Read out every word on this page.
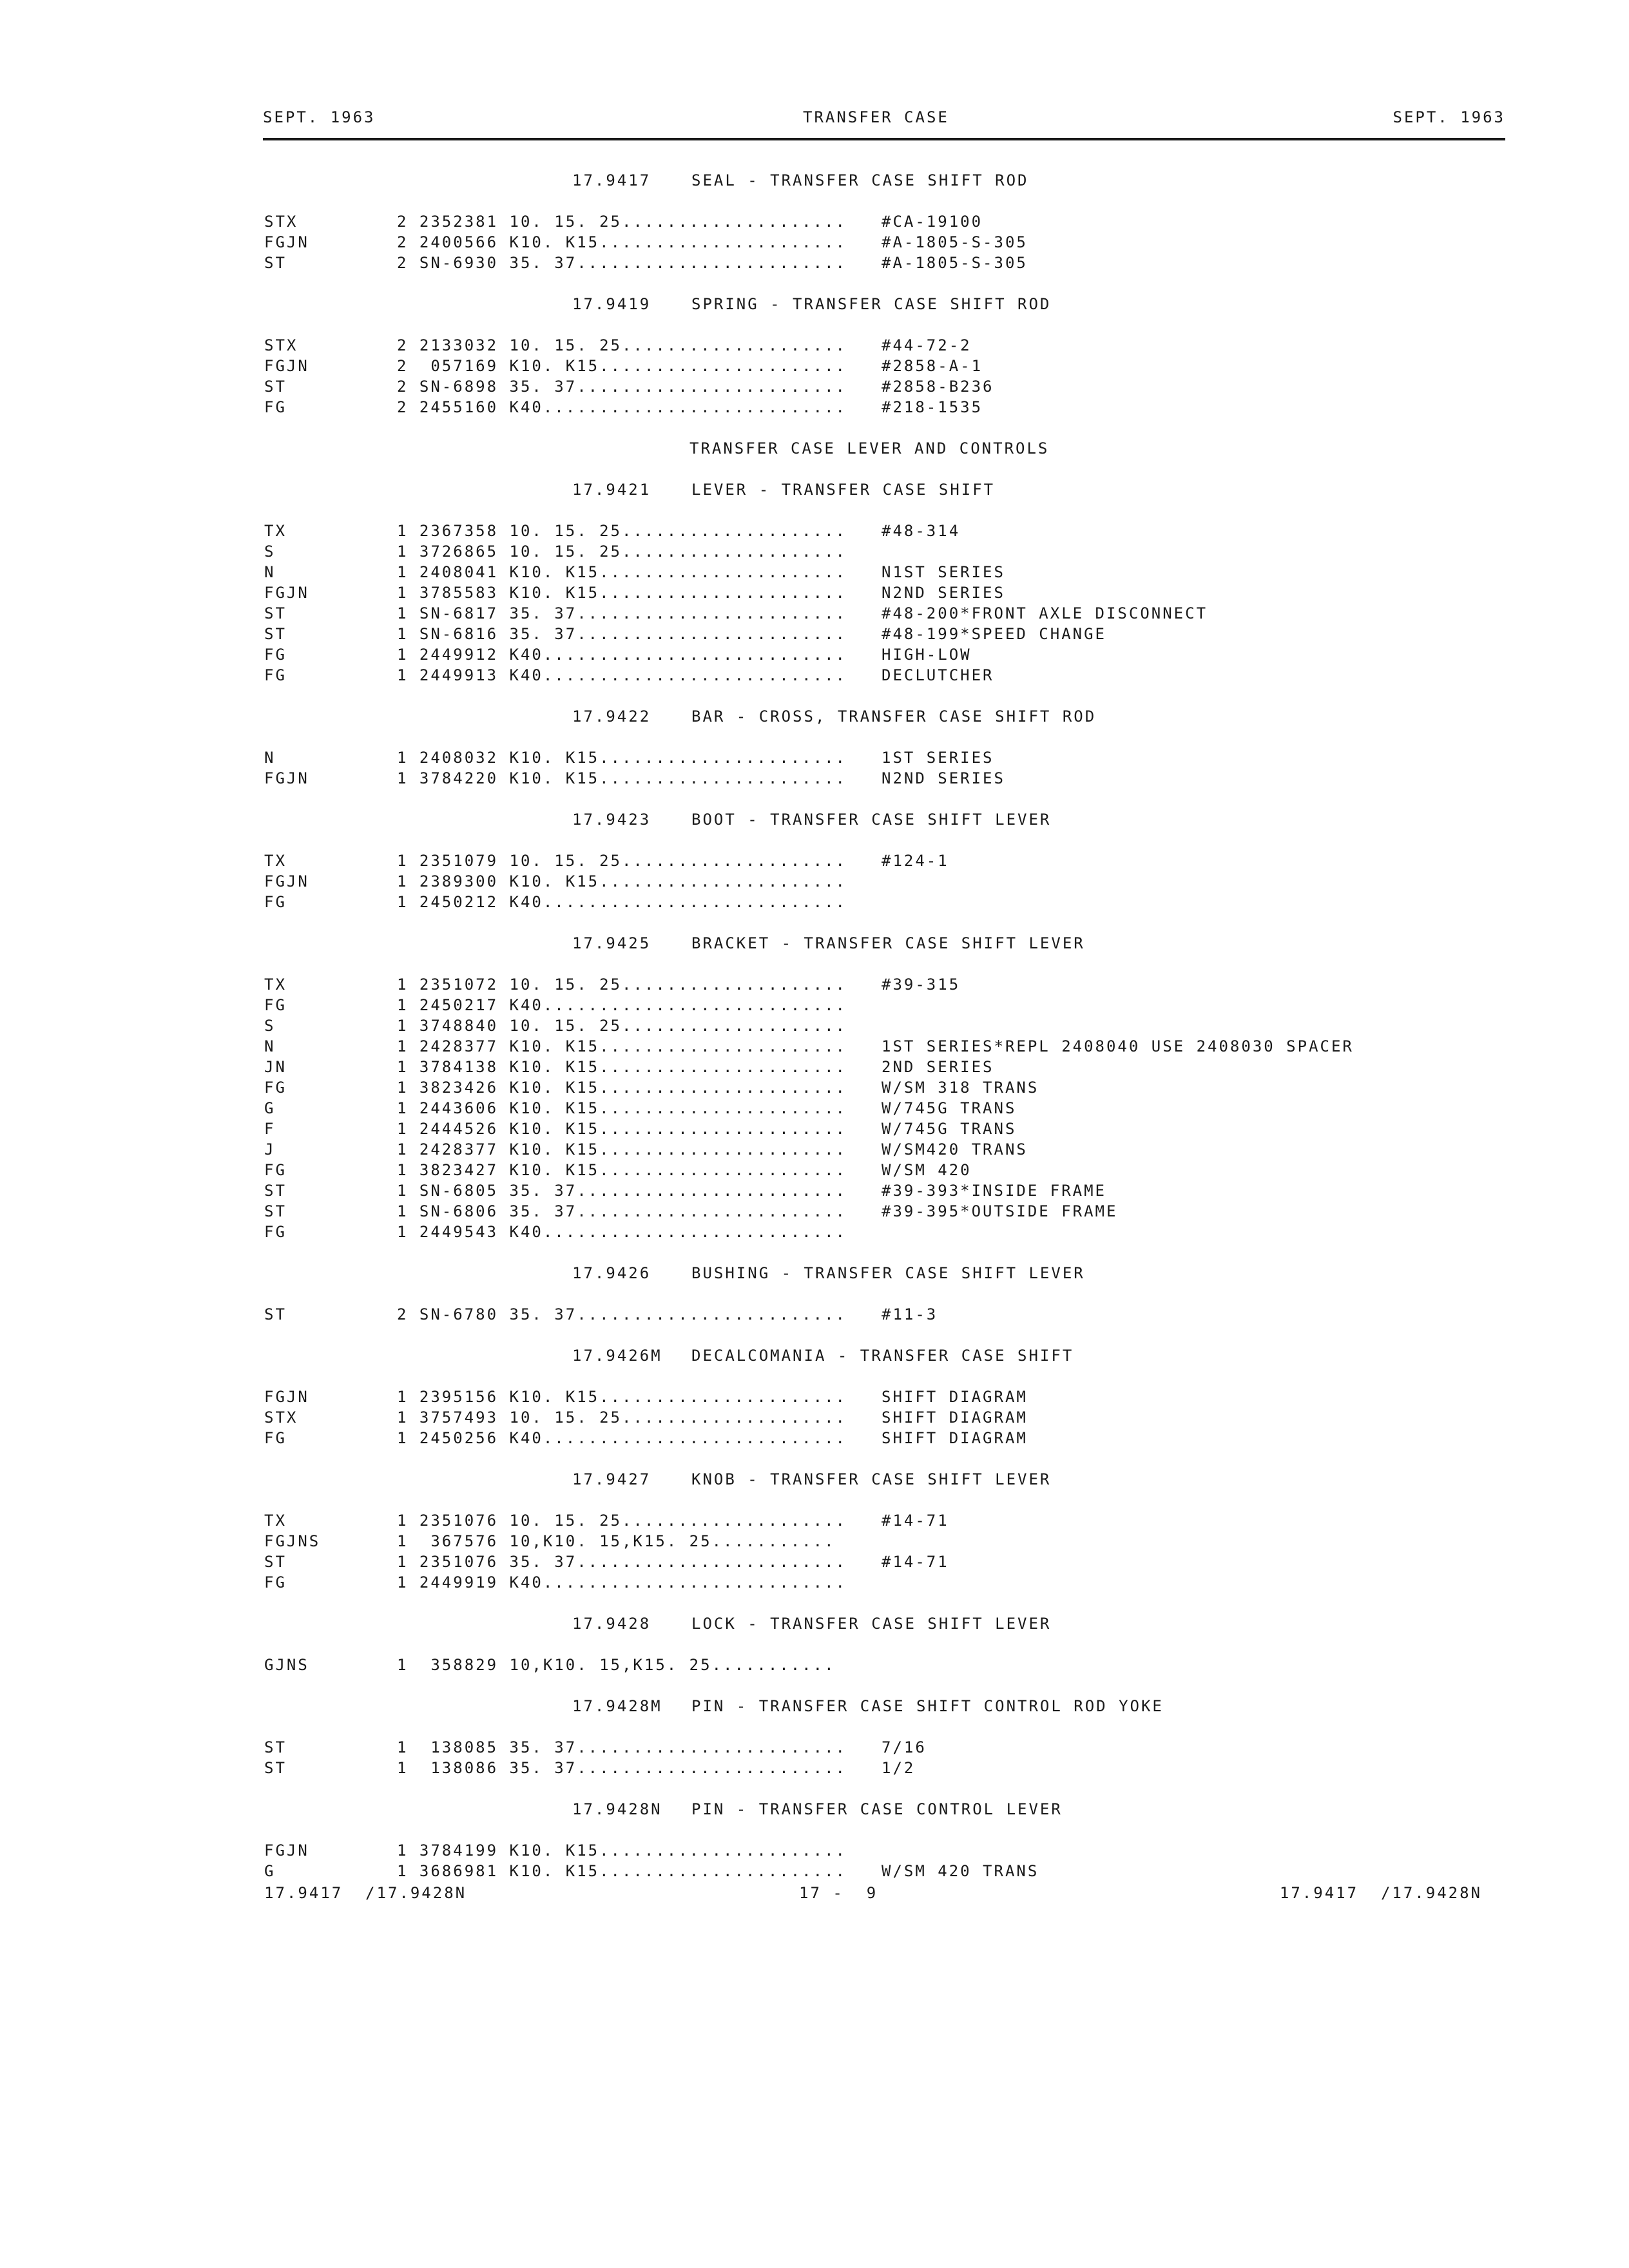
SEPT. 1963	TRANSFER CASE	SEPT. 1963
17.9417	SEAL - TRANSFER CASE SHIFT ROD
STX	2 2352381 10. 15. 25.................... #CA-19100
FGJN	2 2400566 K10. K15...................... #A-1805-S-305
ST	2 SN-6930 35. 37........................ #A-1805-S-305
17.9419	SPRING - TRANSFER CASE SHIFT ROD
STX	2 2133032 10. 15. 25.................... #44-72-2
FGJN	2  057169 K10. K15...................... #2858-A-1
ST	2 SN-6898 35. 37........................ #2858-B236
FG	2 2455160 K40........................... #218-1535
TRANSFER CASE LEVER AND CONTROLS
17.9421	LEVER - TRANSFER CASE SHIFT
TX	1 2367358 10. 15. 25.................... #48-314
S	1 3726865 10. 15. 25....................
N	1 2408041 K10. K15...................... N1ST SERIES
FGJN	1 3785583 K10. K15...................... N2ND SERIES
ST	1 SN-6817 35. 37........................ #48-200*FRONT AXLE DISCONNECT
ST	1 SN-6816 35. 37........................ #48-199*SPEED CHANGE
FG	1 2449912 K40........................... HIGH-LOW
FG	1 2449913 K40........................... DECLUTCHER
17.9422	BAR - CROSS, TRANSFER CASE SHIFT ROD
N	1 2408032 K10. K15...................... 1ST SERIES
FGJN	1 3784220 K10. K15...................... N2ND SERIES
17.9423	BOOT - TRANSFER CASE SHIFT LEVER
TX	1 2351079 10. 15. 25.................... #124-1
FGJN	1 2389300 K10. K15......................
FG	1 2450212 K40...........................
17.9425	BRACKET - TRANSFER CASE SHIFT LEVER
TX	1 2351072 10. 15. 25.................... #39-315
FG	1 2450217 K40...........................
S	1 3748840 10. 15. 25....................
N	1 2428377 K10. K15...................... 1ST SERIES*REPL 2408040 USE 2408030 SPACER
JN	1 3784138 K10. K15...................... 2ND SERIES
FG	1 3823426 K10. K15...................... W/SM 318 TRANS
G	1 2443606 K10. K15...................... W/745G TRANS
F	1 2444526 K10. K15...................... W/745G TRANS
J	1 2428377 K10. K15...................... W/SM420 TRANS
FG	1 3823427 K10. K15...................... W/SM 420
ST	1 SN-6805 35. 37........................ #39-393*INSIDE FRAME
ST	1 SN-6806 35. 37........................ #39-395*OUTSIDE FRAME
FG	1 2449543 K40...........................
17.9426	BUSHING - TRANSFER CASE SHIFT LEVER
ST	2 SN-6780 35. 37........................ #11-3
17.9426M DECALCOMANIA - TRANSFER CASE SHIFT
FGJN	1 2395156 K10. K15...................... SHIFT DIAGRAM
STX	1 3757493 10. 15. 25.................... SHIFT DIAGRAM
FG	1 2450256 K40........................... SHIFT DIAGRAM
17.9427	KNOB - TRANSFER CASE SHIFT LEVER
TX	1 2351076 10. 15. 25.................... #14-71
FGJNS	1  367576 10,K10. 15,K15. 25...........
ST	1 2351076 35. 37........................ #14-71
FG	1 2449919 K40...........................
17.9428	LOCK - TRANSFER CASE SHIFT LEVER
GJNS	1  358829 10,K10. 15,K15. 25...........
17.9428M PIN - TRANSFER CASE SHIFT CONTROL ROD YOKE
ST	1  138085 35. 37........................ 7/16
ST	1  138086 35. 37........................ 1/2
17.9428N PIN - TRANSFER CASE CONTROL LEVER
FGJN	1 3784199 K10. K15......................
G	1 3686981 K10. K15...................... W/SM 420 TRANS
17.9417  /17.9428N	17 -  9	17.9417  /17.9428N
